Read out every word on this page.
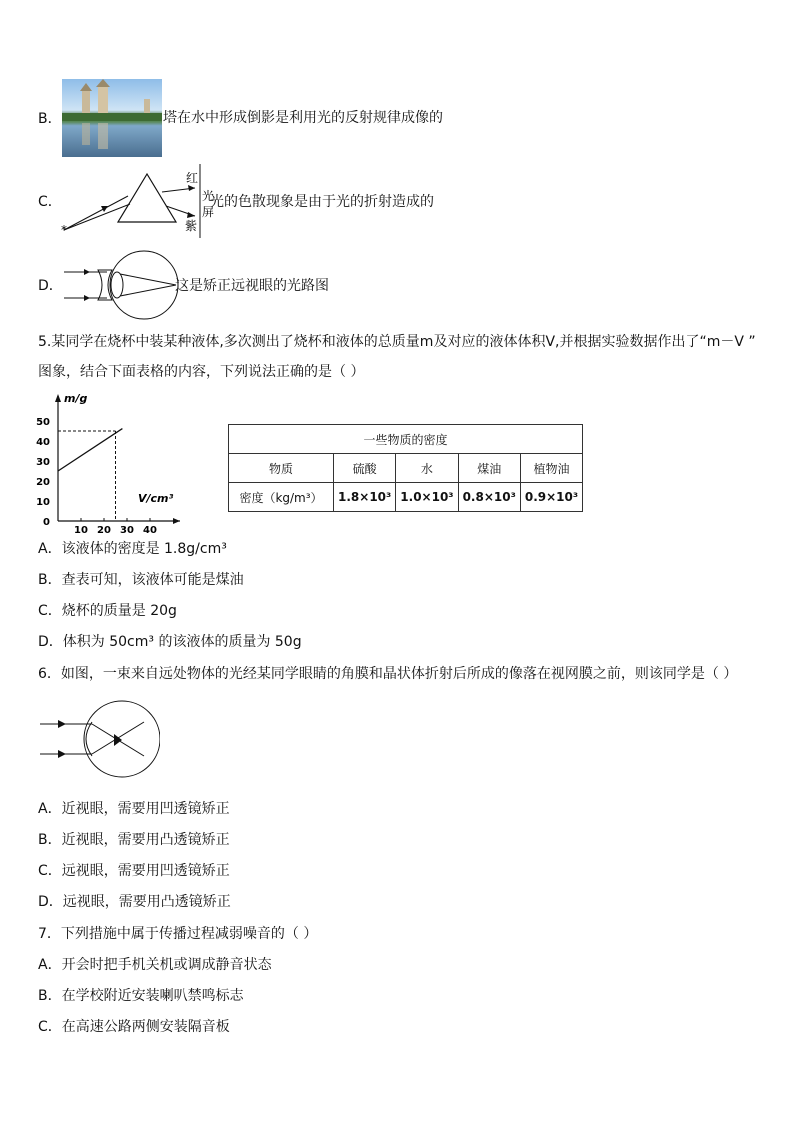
B．	塔在水中形成倒影是利用光的反射规律成像的
C．
*
红
光
屏
紫
光的色散现象是由于光的折射造成的
D．	这是矫正远视眼的光路图
5.某同学在烧杯中装某种液体,多次测出了烧杯和液体的总质量m及对应的液体体积V,并根据实验数据作出了“m－V ”
图象，结合下面表格的内容，下列说法正确的是（ ）
m/g
V/cm³
10 20 30 40
0
10
20
30
40
50
一些物质的密度				
物质	硫酸	水	煤油	植物油
密度（kg/m³）	1.8×10³	1.0×10³	0.8×10³	0.9×10³
A．该液体的密度是 1.8g/cm³
B．查表可知，该液体可能是煤油
C．烧杯的质量是 20g
D．体积为 50cm³ 的该液体的质量为 50g
6．如图，一束来自远处物体的光经某同学眼睛的角膜和晶状体折射后所成的像落在视网膜之前，则该同学是（ ）
A．近视眼，需要用凹透镜矫正
B．近视眼，需要用凸透镜矫正
C．远视眼，需要用凹透镜矫正
D．远视眼，需要用凸透镜矫正
7．下列措施中属于传播过程减弱噪音的（ ）
A．开会时把手机关机或调成静音状态
B．在学校附近安装喇叭禁鸣标志
C．在高速公路两侧安装隔音板
